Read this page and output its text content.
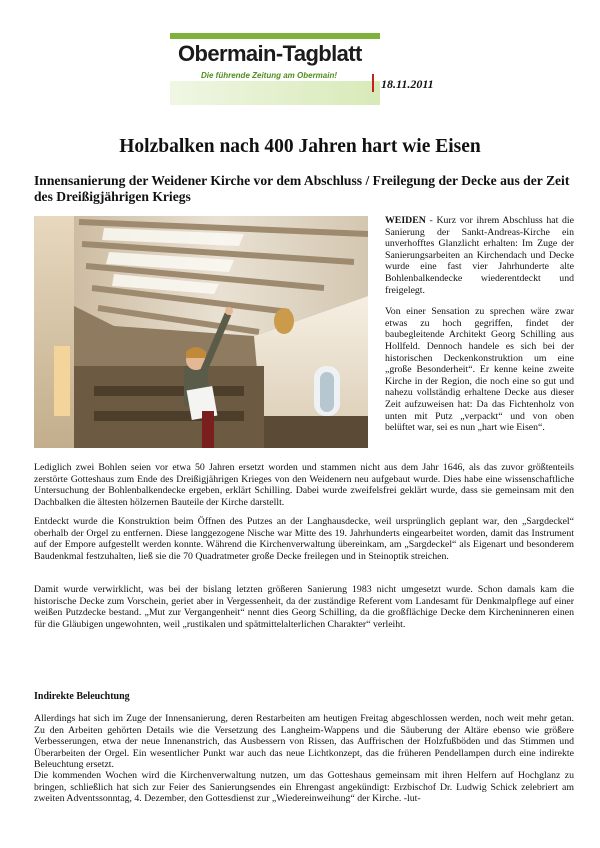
Obermain-Tagblatt
Die führende Zeitung am Obermain!
18.11.2011
Holzbalken nach 400 Jahren hart wie Eisen
Innensanierung der Weidener Kirche vor dem Abschluss / Freilegung der Decke aus der Zeit des Dreißigjährigen Kriegs

WEIDEN - Kurz vor ihrem Abschluss hat die Sanierung der Sankt-Andreas-Kirche ein unverhofftes Glanzlicht erhalten: Im Zuge der Sanierungsarbeiten an Kirchendach und Decke wurde eine fast vier Jahrhunderte alte Bohlenbalkendecke wiederentdeckt und freigelegt.

Von einer Sensation zu sprechen wäre zwar etwas zu hoch gegriffen, findet der baubegleitende Architekt Georg Schilling aus Hollfeld. Dennoch handele es sich bei der historischen Deckenkonstruktion um eine „große Besonderheit“. Er kenne keine zweite Kirche in der Region, die noch eine so gut und nahezu vollständig erhaltene Decke aus dieser Zeit aufzuweisen hat: Da das Fichtenholz von unten mit Putz „verpackt“ und von oben belüftet war, sei es nun „hart wie Eisen“.

Lediglich zwei Bohlen seien vor etwa 50 Jahren ersetzt worden und stammen nicht aus dem Jahr 1646, als das zuvor größtenteils zerstörte Gotteshaus zum Ende des Dreißigjährigen Krieges von den Weidenern neu aufgebaut wurde. Dies habe eine wissenschaftliche Untersuchung der Bohlenbalkendecke ergeben, erklärt Schilling. Dabei wurde zweifelsfrei geklärt wurde, dass sie gemeinsam mit den Dachbalken die ältesten hölzernen Bauteile der Kirche darstellt.
Entdeckt wurde die Konstruktion beim Öffnen des Putzes an der Langhausdecke, weil ursprünglich geplant war, den „Sargdeckel“ oberhalb der Orgel zu entfernen. Diese langgezogene Nische war Mitte des 19. Jahrhunderts eingearbeitet worden, damit das Instrument auf der Empore aufgestellt werden konnte. Während die Kirchenverwaltung übereinkam, am „Sargdeckel“ als Eigenart und besonderem Baudenkmal festzuhalten, ließ sie die 70 Quadratmeter große Decke freilegen und in Steinoptik streichen.
Damit wurde verwirklicht, was bei der bislang letzten größeren Sanierung 1983 nicht umgesetzt wurde. Schon damals kam die historische Decke zum Vorschein, geriet aber in Vergessenheit, da der zuständige Referent vom Landesamt für Denkmalpflege auf einer weißen Putzdecke bestand. „Mut zur Vergangenheit“ nennt dies Georg Schilling, da die großflächige Decke dem Kircheninneren einen für die Gläubigen ungewohnten, weil „rustikalen und spätmittelalterlichen Charakter“ verleiht.
Indirekte Beleuchtung
Allerdings hat sich im Zuge der Innensanierung, deren Restarbeiten am heutigen Freitag abgeschlossen werden, noch weit mehr getan. Zu den Arbeiten gehörten Details wie die Versetzung des Langheim-Wappens und die Säuberung der Altäre ebenso wie größere Verbesserungen, etwa der neue Innenanstrich, das Ausbessern von Rissen, das Auffrischen der Holzfußböden und das Stimmen und Überarbeiten der Orgel. Ein wesentlicher Punkt war auch das neue Lichtkonzept, das die früheren Pendellampen durch eine indirekte Beleuchtung ersetzt.
Die kommenden Wochen wird die Kirchenverwaltung nutzen, um das Gotteshaus gemeinsam mit ihren Helfern auf Hochglanz zu bringen, schließlich hat sich zur Feier des Sanierungsendes ein Ehrengast angekündigt: Erzbischof Dr. Ludwig Schick zelebriert am zweiten Adventssonntag, 4. Dezember, den Gottesdienst zur „Wiedereinweihung“ der Kirche. -lut-
